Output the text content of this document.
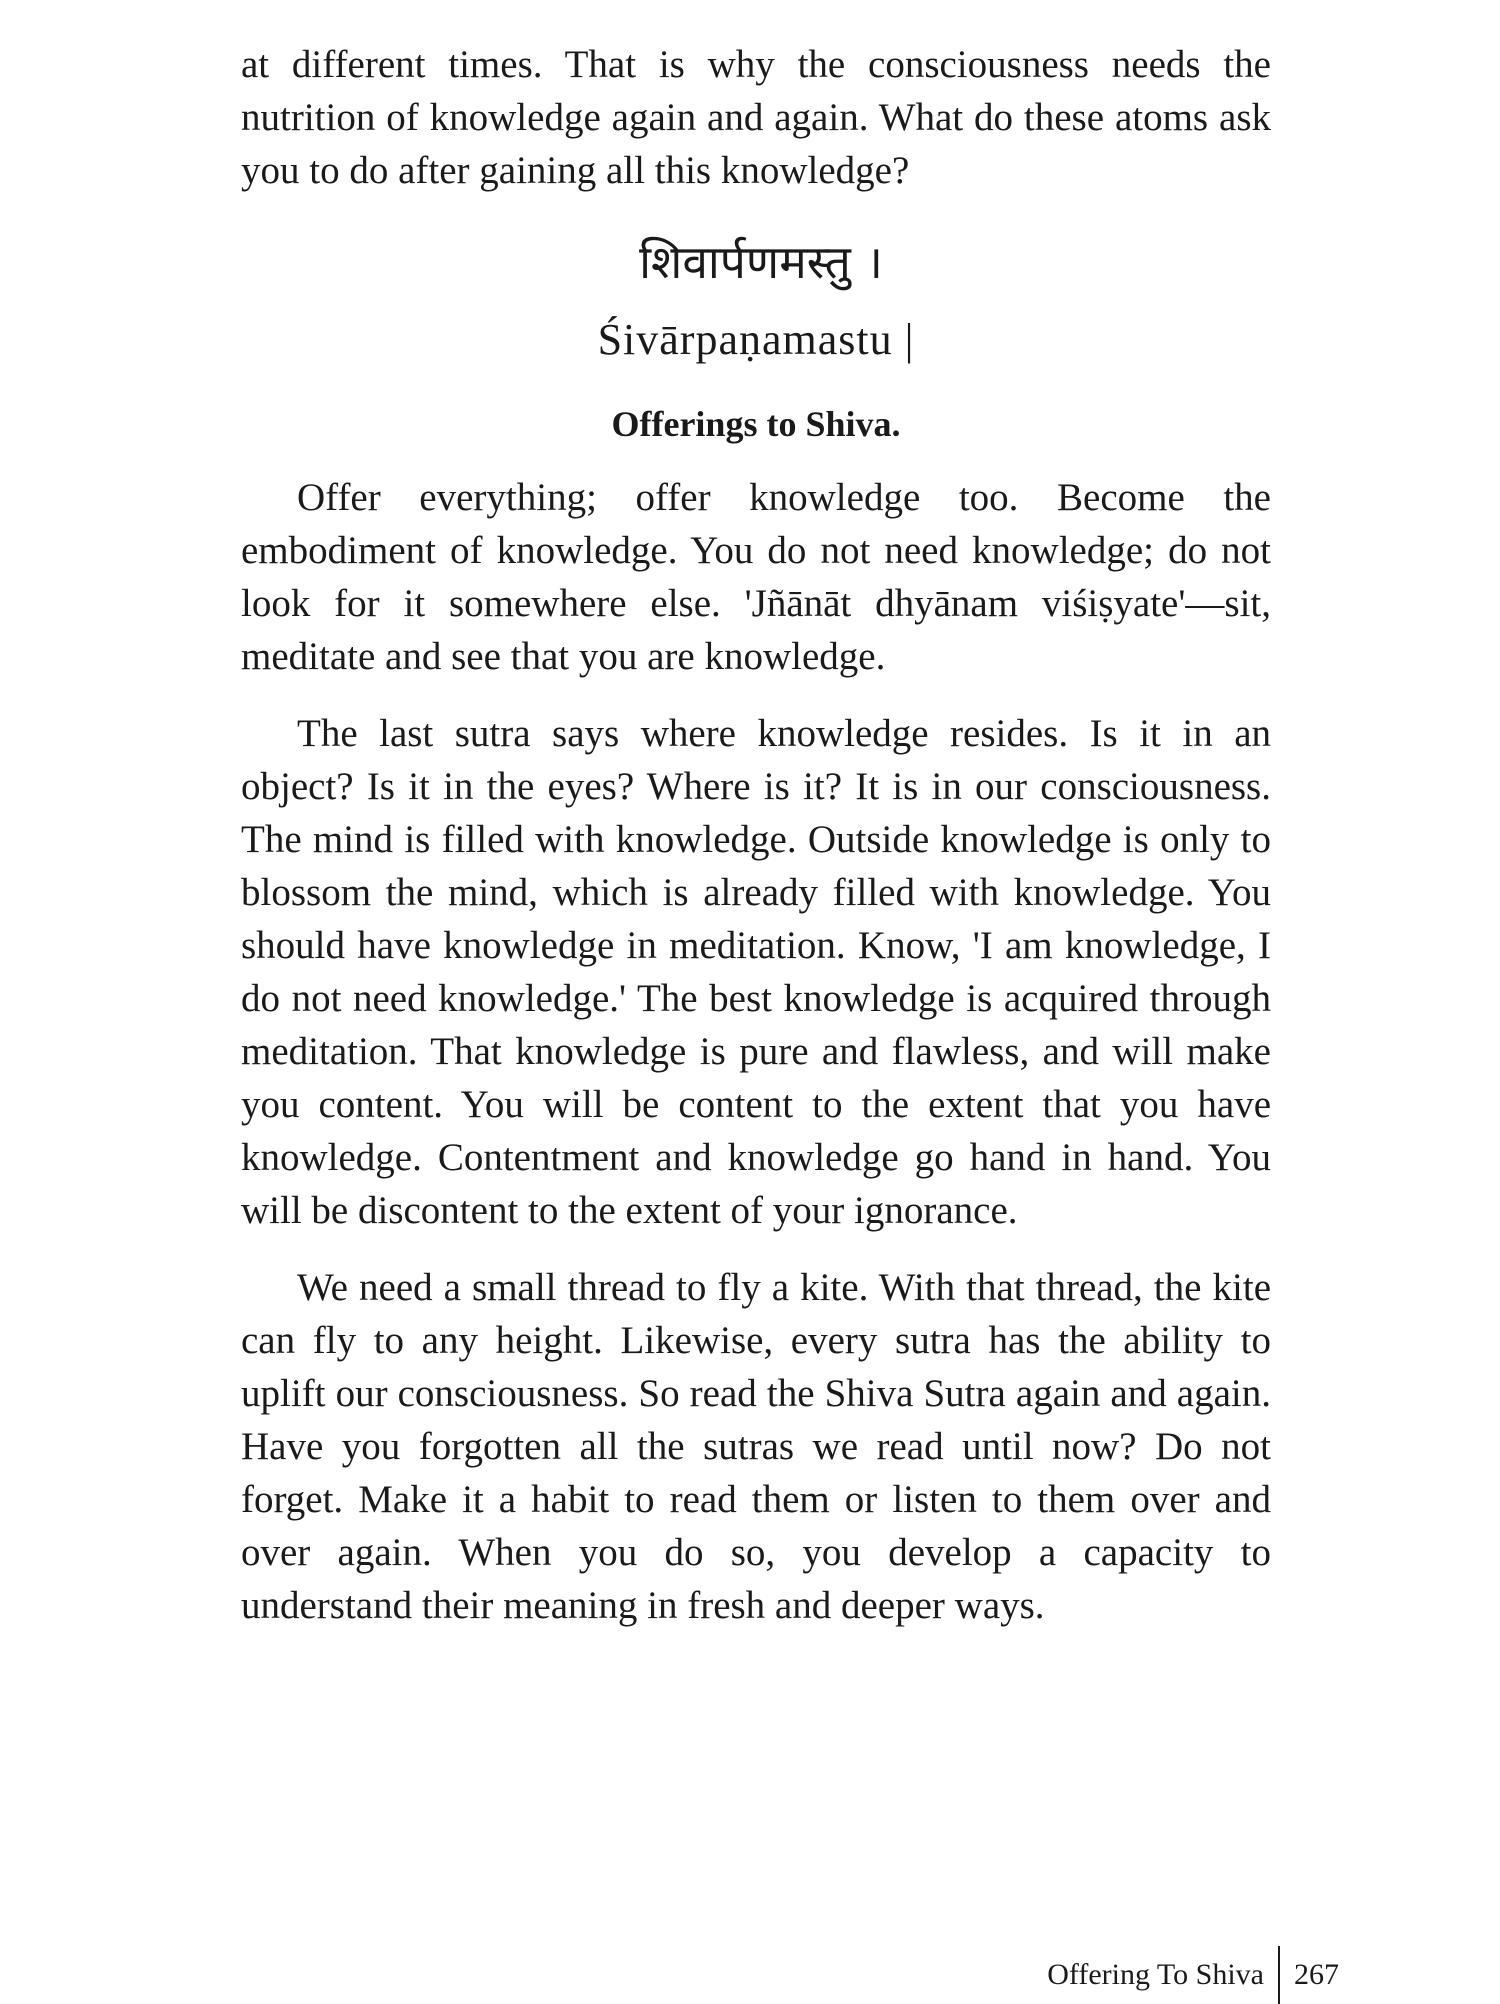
at different times. That is why the consciousness needs the nutrition of knowledge again and again. What do these atoms ask you to do after gaining all this knowledge?

शिवार्पणमस्तु ।

Śivārpaṇamastu |

Offerings to Shiva.

Offer everything; offer knowledge too. Become the embodiment of knowledge. You do not need knowledge; do not look for it somewhere else. 'Jñānāt dhyānam viśiṣyate'—sit, meditate and see that you are knowledge.

The last sutra says where knowledge resides. Is it in an object? Is it in the eyes? Where is it? It is in our consciousness. The mind is filled with knowledge. Outside knowledge is only to blossom the mind, which is already filled with knowledge. You should have knowledge in meditation. Know, 'I am knowledge, I do not need knowledge.' The best knowledge is acquired through meditation. That knowledge is pure and flawless, and will make you content. You will be content to the extent that you have knowledge. Contentment and knowledge go hand in hand. You will be discontent to the extent of your ignorance.

We need a small thread to fly a kite. With that thread, the kite can fly to any height. Likewise, every sutra has the ability to uplift our consciousness. So read the Shiva Sutra again and again. Have you forgotten all the sutras we read until now? Do not forget. Make it a habit to read them or listen to them over and over again. When you do so, you develop a capacity to understand their meaning in fresh and deeper ways.

Offering To Shiva 267
